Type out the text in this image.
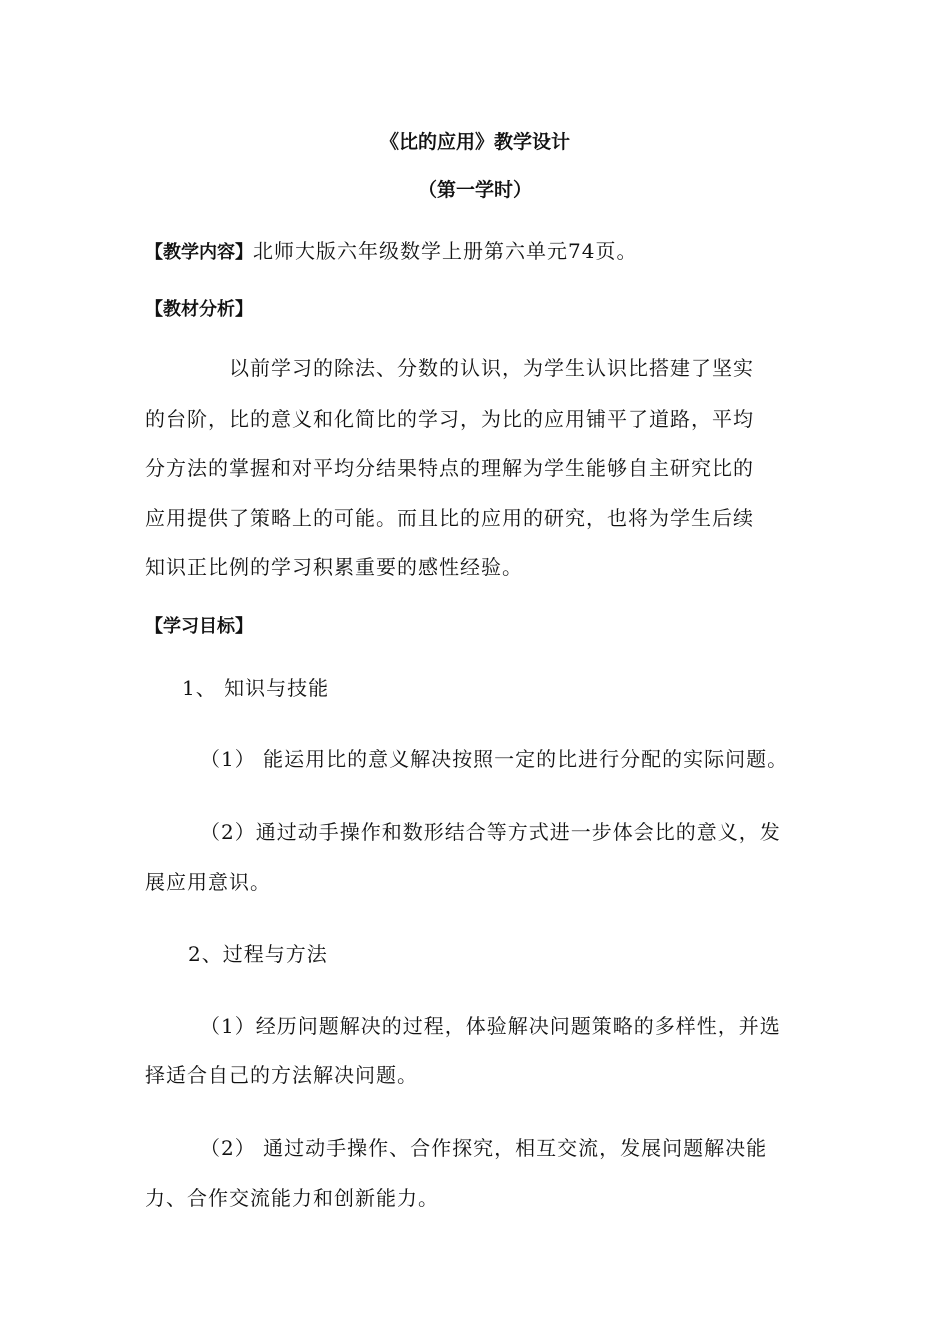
《比的应用》教学设计
（第一学时）
【教学内容】北师大版六年级数学上册第六单元74页。
【教材分析】
以前学习的除法、分数的认识，为学生认识比搭建了坚实
的台阶，比的意义和化简比的学习，为比的应用铺平了道路，平均
分方法的掌握和对平均分结果特点的理解为学生能够自主研究比的
应用提供了策略上的可能。而且比的应用的研究，也将为学生后续
知识正比例的学习积累重要的感性经验。
【学习目标】
1、 知识与技能
（1） 能运用比的意义解决按照一定的比进行分配的实际问题。
（2）通过动手操作和数形结合等方式进一步体会比的意义，发
展应用意识。
2、过程与方法
（1）经历问题解决的过程，体验解决问题策略的多样性，并选
择适合自己的方法解决问题。
（2） 通过动手操作、合作探究，相互交流，发展问题解决能
力、合作交流能力和创新能力。
